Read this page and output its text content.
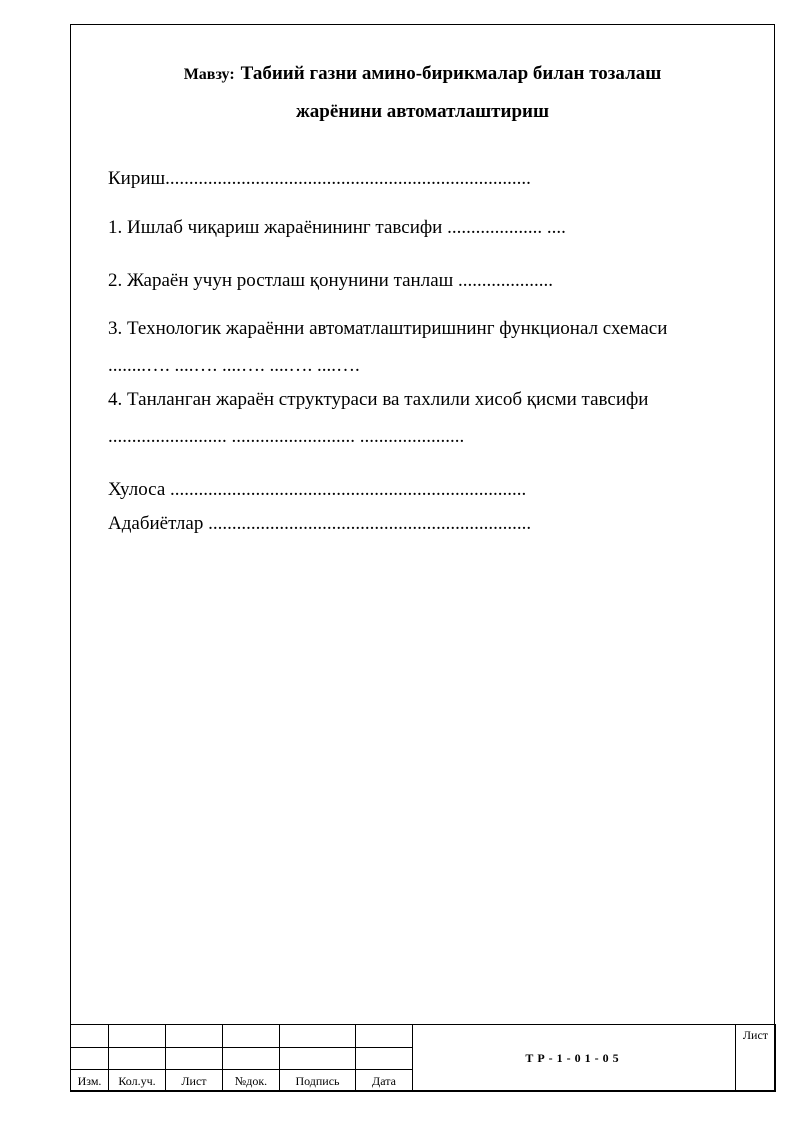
Мавзу: Табиий газни амино-бирикмалар билан тозалаш
жарёнини автоматлаштириш
Кириш.............................................................................
1. Ишлаб чиқариш жараёнининг тавсифи .................... ....
2. Жараён учун ростлаш қонунини танлаш ....................
3. Технологик жараённи автоматлаштиришнинг функционал схемаси
........…. ....…. ....…. ....…. ....….
4. Танланган жараён структураси ва тахлили хисоб қисми тавсифи
......................... .......................... ......................
Хулоса ...........................................................................
Адабиётлар ....................................................................
						ТР-1-01-05	Лист

Изм.	Кол.уч.	Лист	№док.	Подпись	Дата		
